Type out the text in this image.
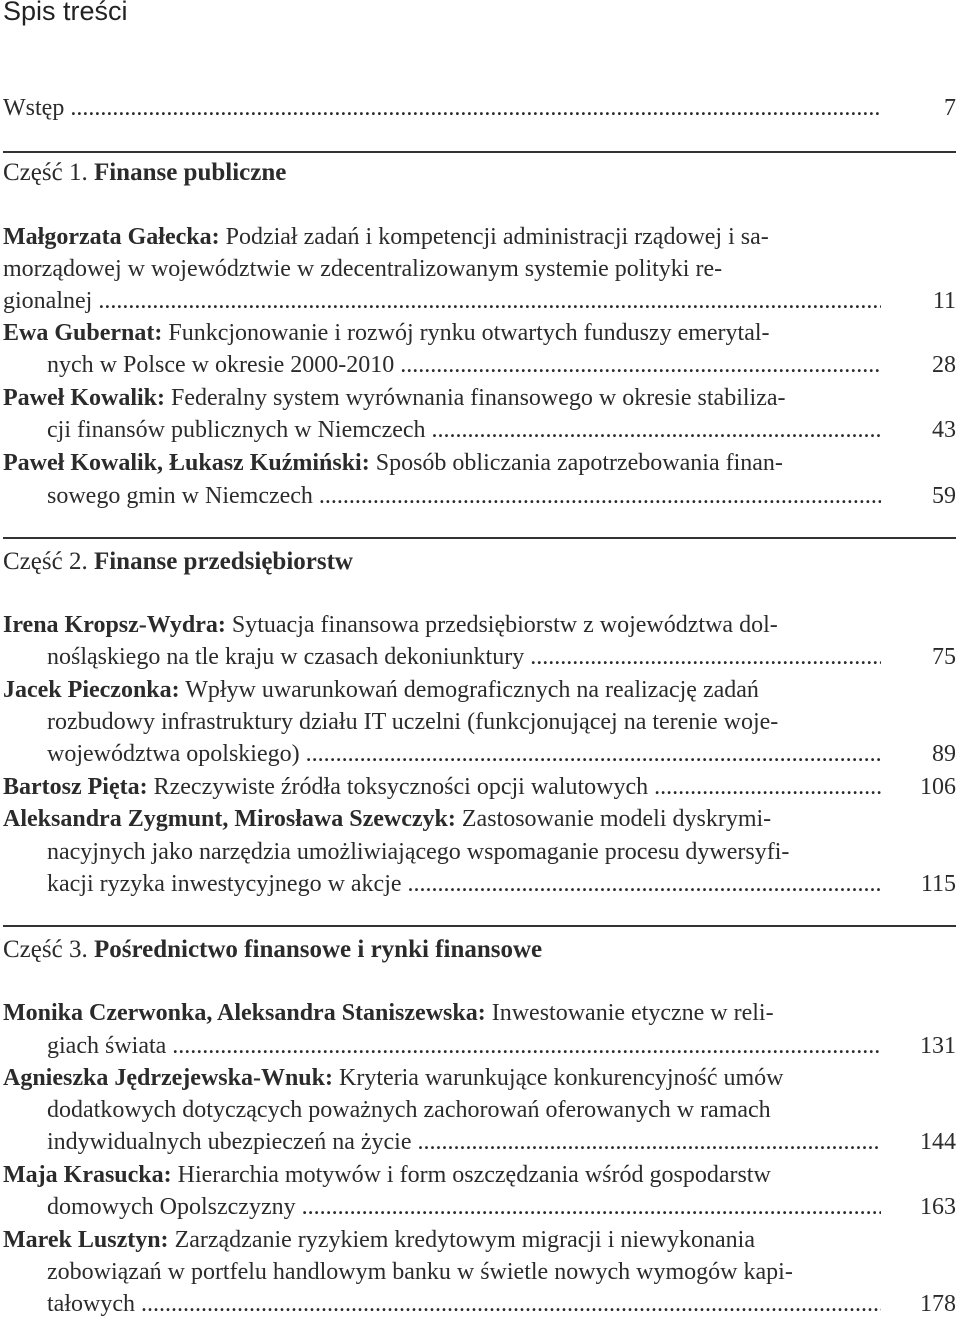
Spis treści
Wstęp .....	7
Część 1. Finanse publiczne
Małgorzata Gałecka: Podział zadań i kompetencji administracji rządowej i sa-
morządowej w województwie w zdecentralizowanym systemie polityki re-
gionalnej .....	11
Ewa Gubernat: Funkcjonowanie i rozwój rynku otwartych funduszy emerytal-
nych w Polsce w okresie 2000-2010 .....	28
Paweł Kowalik: Federalny system wyrównania finansowego w okresie stabiliza-
cji finansów publicznych w Niemczech .....	43
Paweł Kowalik, Łukasz Kuźmiński: Sposób obliczania zapotrzebowania finan-
sowego gmin w Niemczech .....	59
Część 2. Finanse przedsiębiorstw
Irena Kropsz-Wydra: Sytuacja finansowa przedsiębiorstw z województwa dol-
nośląskiego na tle kraju w czasach dekoniunktury .....	75
Jacek Pieczonka: Wpływ uwarunkowań demograficznych na realizację zadań
rozbudowy infrastruktury działu IT uczelni (funkcjonującej na terenie woje-
województwa opolskiego) .....	89
Bartosz Pięta: Rzeczywiste źródła toksyczności opcji walutowych .....	106
Aleksandra Zygmunt, Mirosława Szewczyk: Zastosowanie modeli dyskrymi-
nacyjnych jako narzędzia umożliwiającego wspomaganie procesu dywersyfi-
kacji ryzyka inwestycyjnego w akcje .....	115
Część 3. Pośrednictwo finansowe i rynki finansowe
Monika Czerwonka, Aleksandra Staniszewska: Inwestowanie etyczne w reli-
giach świata .....	131
Agnieszka Jędrzejewska-Wnuk: Kryteria warunkujące konkurencyjność umów
dodatkowych dotyczących poważnych zachorowań oferowanych w ramach
indywidualnych ubezpieczeń na życie .....	144
Maja Krasucka: Hierarchia motywów i form oszczędzania wśród gospodarstw
domowych Opolszczyzny .....	163
Marek Lusztyn: Zarządzanie ryzykiem kredytowym migracji i niewykonania
zobowiązań w portfelu handlowym banku w świetle nowych wymogów kapi-
tałowych .....	178
